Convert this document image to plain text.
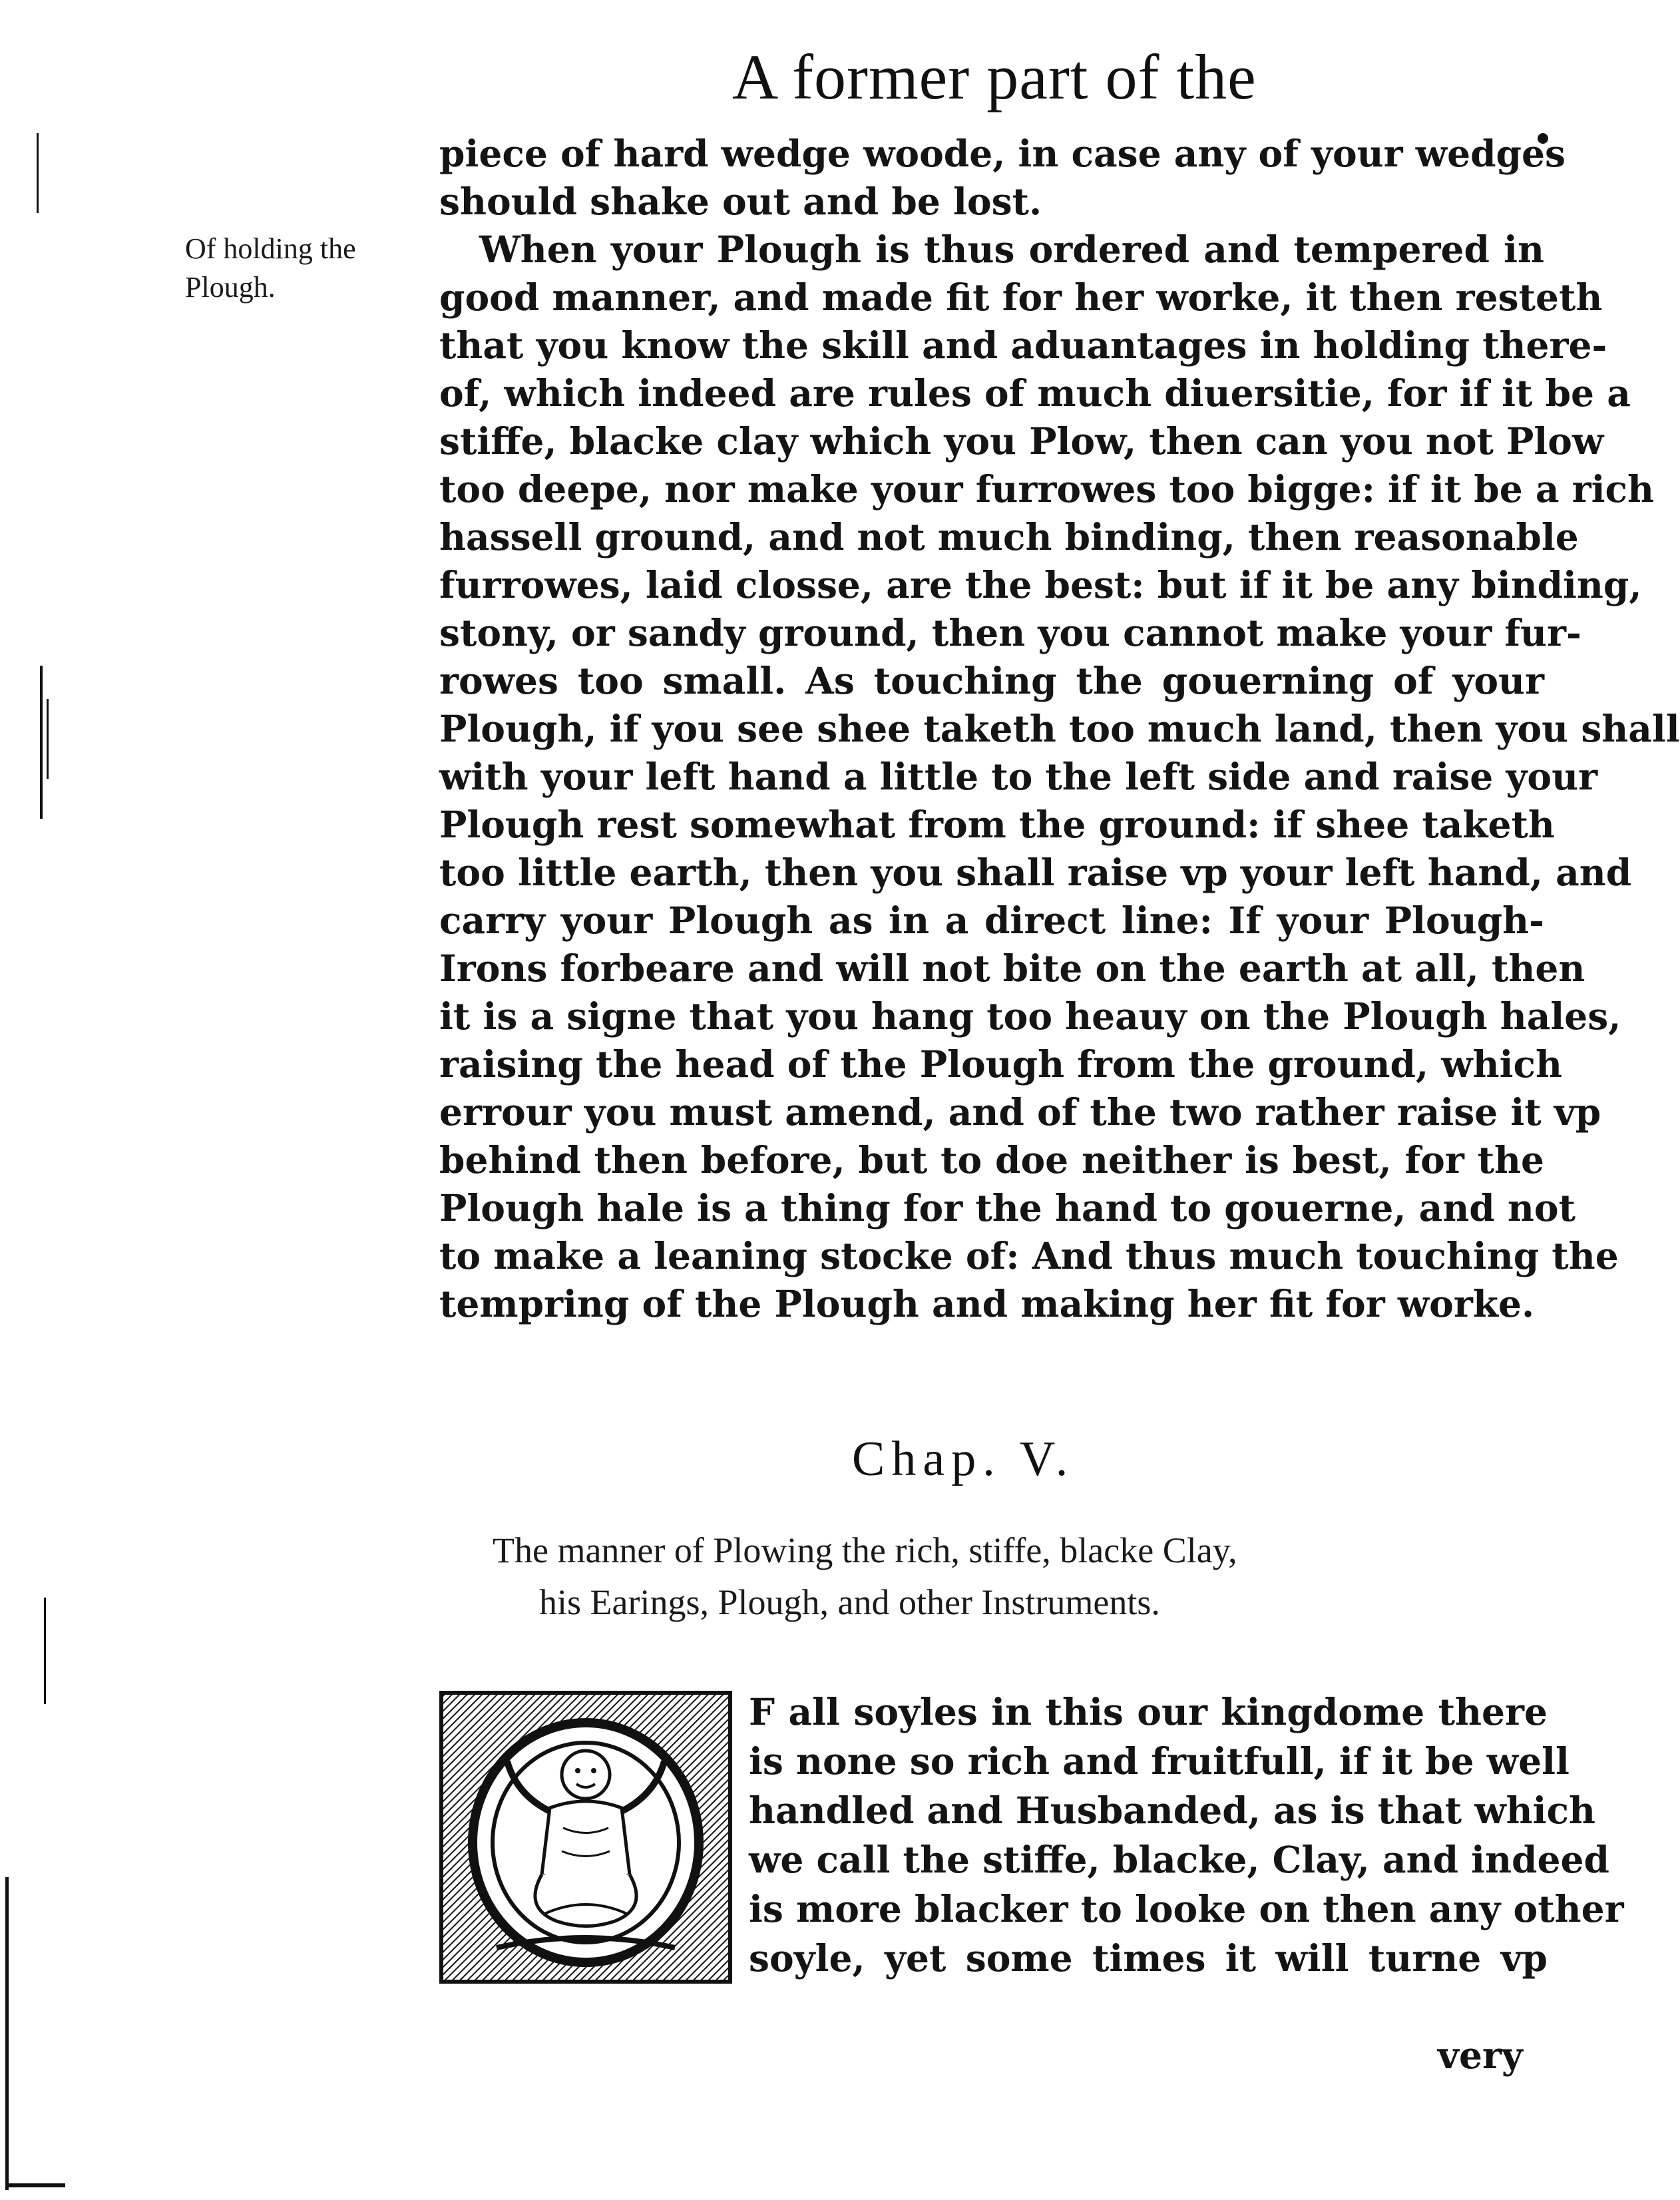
A former part of the
Of holding the
Plough.
piece of hard wedge woode, in case any of your wedges
should shake out and be lost.
When your Plough is thus ordered and tempered in
good manner, and made fit for her worke, it then resteth
that you know the skill and aduantages in holding there-
of, which indeed are rules of much diuersitie, for if it be a
stiffe, blacke clay which you Plow, then can you not Plow
too deepe, nor make your furrowes too bigge: if it be a rich
hassell ground, and not much binding, then reasonable
furrowes, laid closse, are the best: but if it be any binding,
stony, or sandy ground, then you cannot make your fur-
rowes too small. As touching the gouerning of your
Plough, if you see shee taketh too much land, then you shall
with your left hand a little to the left side and raise your
Plough rest somewhat from the ground: if shee taketh
too little earth, then you shall raise vp your left hand, and
carry your Plough as in a direct line: If your Plough-
Irons forbeare and will not bite on the earth at all, then
it is a signe that you hang too heauy on the Plough hales,
raising the head of the Plough from the ground, which
errour you must amend, and of the two rather raise it vp
behind then before, but to doe neither is best, for the
Plough hale is a thing for the hand to gouerne, and not
to make a leaning stocke of: And thus much touching the
tempring of the Plough and making her fit for worke.
Chap. V.
The manner of Plowing the rich, stiffe, blacke Clay,
his Earings, Plough, and other Instruments.
F all soyles in this our kingdome there
is none so rich and fruitfull, if it be well
handled and Husbanded, as is that which
we call the stiffe, blacke, Clay, and indeed
is more blacker to looke on then any other
soyle, yet some times it will turne vp
very
